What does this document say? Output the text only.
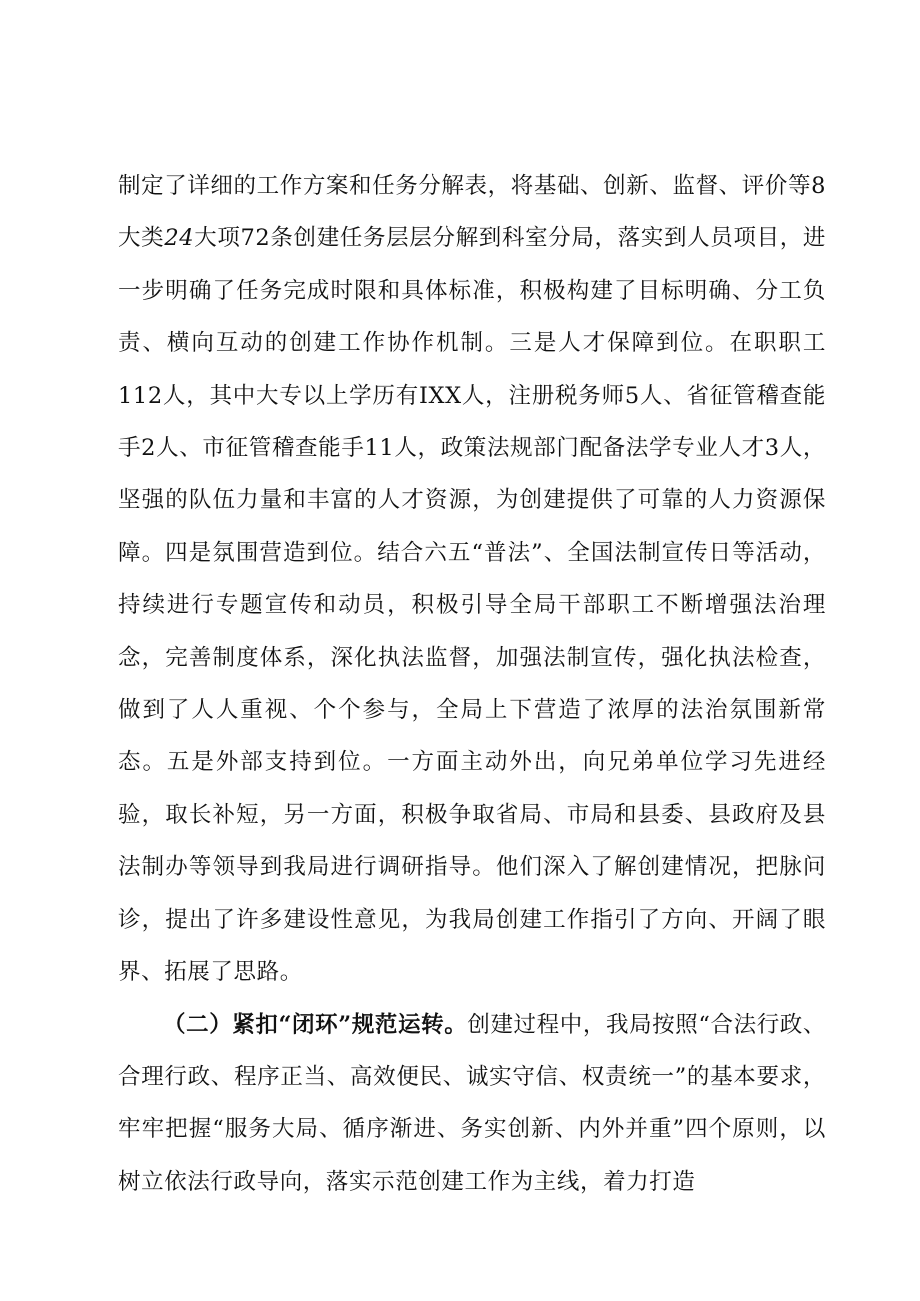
制定了详细的工作方案和任务分解表，将基础、创新、监督、评价等8大类24大项72条创建任务层层分解到科室分局，落实到人员项目，进一步明确了任务完成时限和具体标准，积极构建了目标明确、分工负责、横向互动的创建工作协作机制。三是人才保障到位。在职职工112人，其中大专以上学历有IXX人，注册税务师5人、省征管稽查能手2人、市征管稽查能手11人，政策法规部门配备法学专业人才3人，坚强的队伍力量和丰富的人才资源，为创建提供了可靠的人力资源保障。四是氛围营造到位。结合六五“普法”、全国法制宣传日等活动，持续进行专题宣传和动员，积极引导全局干部职工不断增强法治理念，完善制度体系，深化执法监督，加强法制宣传，强化执法检查，做到了人人重视、个个参与，全局上下营造了浓厚的法治氛围新常态。五是外部支持到位。一方面主动外出，向兄弟单位学习先进经验，取长补短，另一方面，积极争取省局、市局和县委、县政府及县法制办等领导到我局进行调研指导。他们深入了解创建情况，把脉问诊，提出了许多建设性意见，为我局创建工作指引了方向、开阔了眼界、拓展了思路。

（二）紧扣“闭环”规范运转。创建过程中，我局按照“合法行政、合理行政、程序正当、高效便民、诚实守信、权责统一”的基本要求，牢牢把握“服务大局、循序渐进、务实创新、内外并重”四个原则，以树立依法行政导向，落实示范创建工作为主线，着力打造
